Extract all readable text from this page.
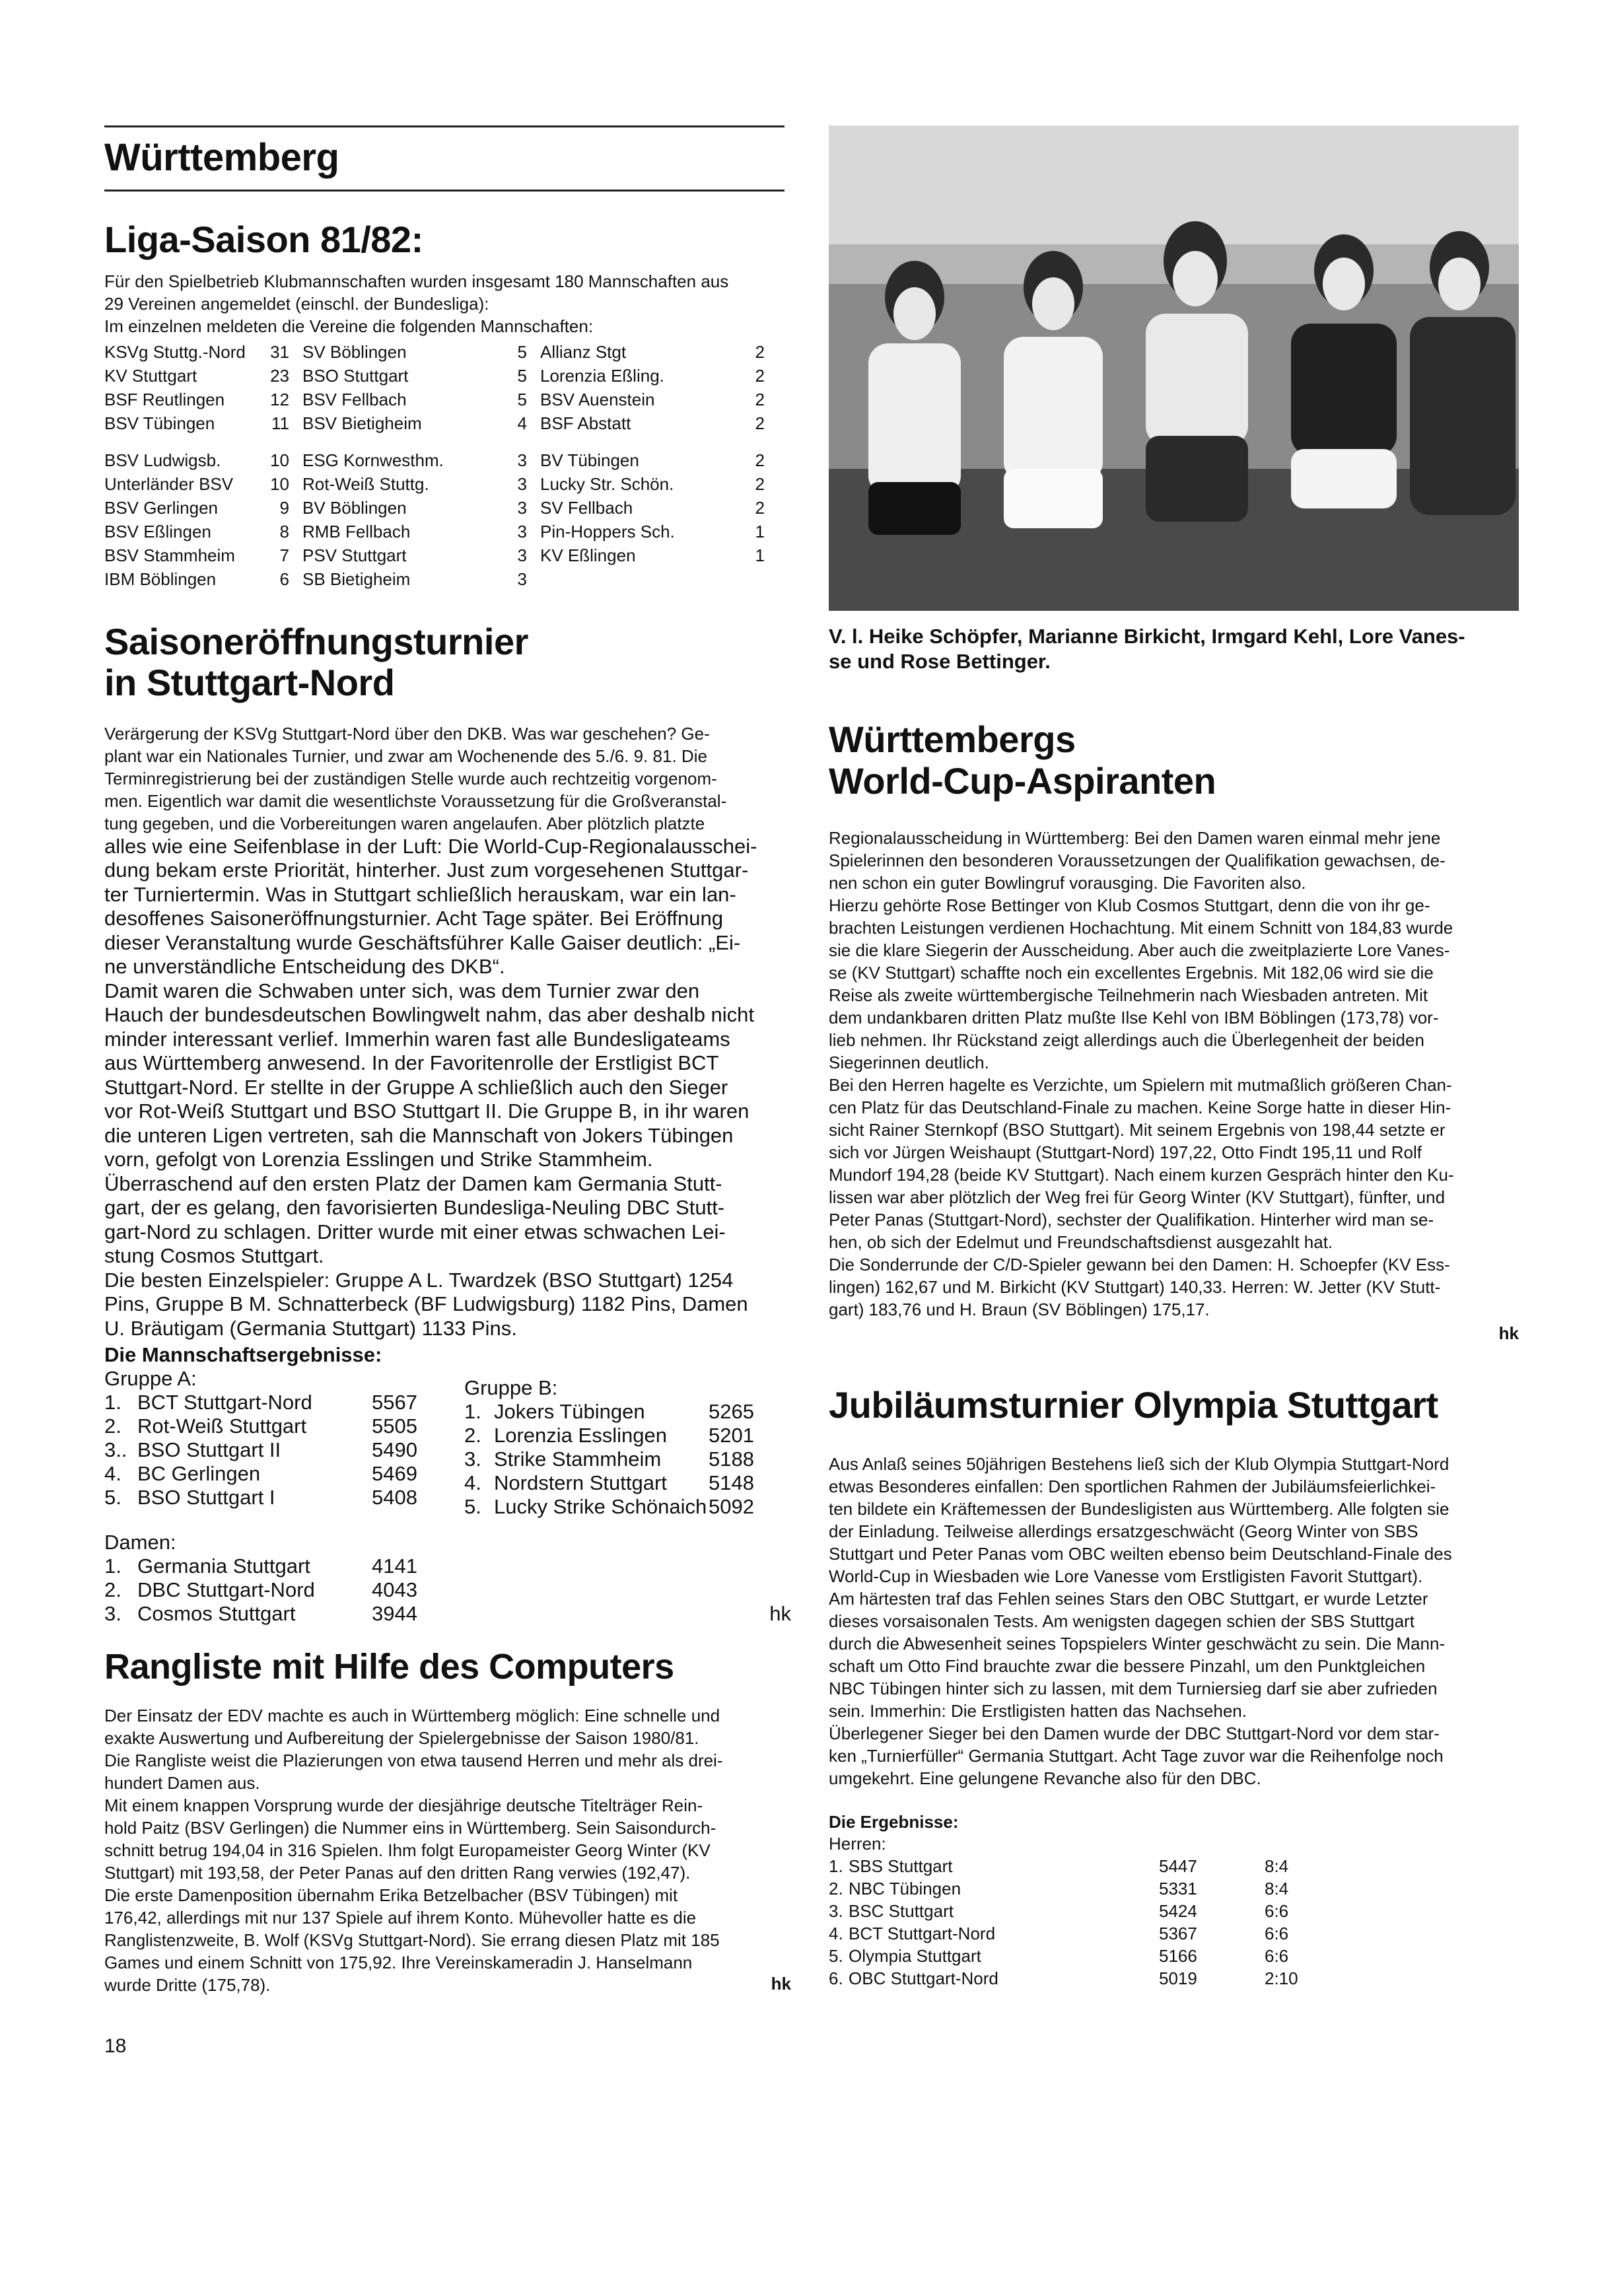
Württemberg
Liga-Saison 81/82:
Für den Spielbetrieb Klubmannschaften wurden insgesamt 180 Mannschaften aus
29 Vereinen angemeldet (einschl. der Bundesliga):
Im einzelnen meldeten die Vereine die folgenden Mannschaften:
KSVg Stuttg.-Nord	31 SV Böblingen	5 Allianz Stgt	2
KV Stuttgart	23 BSO Stuttgart	5 Lorenzia Eßling.	2
BSF Reutlingen	12 BSV Fellbach	5 BSV Auenstein	2
BSV Tübingen	11 BSV Bietigheim	4 BSF Abstatt	2
BSV Ludwigsb.	10 ESG Kornwesthm.	3 BV Tübingen	2
Unterländer BSV	10 Rot-Weiß Stuttg.	3 Lucky Str. Schön.	2
BSV Gerlingen	9 BV Böblingen	3 SV Fellbach	2
BSV Eßlingen	8 RMB Fellbach	3 Pin-Hoppers Sch.	1
BSV Stammheim	7 PSV Stuttgart	3 KV Eßlingen	1
IBM Böblingen	6 SB Bietigheim	3
Saisoneröffnungsturnier
in Stuttgart-Nord
Verärgerung der KSVg Stuttgart-Nord über den DKB. Was war geschehen? Ge-
plant war ein Nationales Turnier, und zwar am Wochenende des 5./6. 9. 81. Die
Terminregistrierung bei der zuständigen Stelle wurde auch rechtzeitig vorgenom-
men. Eigentlich war damit die wesentlichste Voraussetzung für die Großveranstal-
tung gegeben, und die Vorbereitungen waren angelaufen. Aber plötzlich platzte
alles wie eine Seifenblase in der Luft: Die World-Cup-Regionalausschei-
dung bekam erste Priorität, hinterher. Just zum vorgesehenen Stuttgar-
ter Turniertermin. Was in Stuttgart schließlich herauskam, war ein lan-
desoffenes Saisoneröffnungsturnier. Acht Tage später. Bei Eröffnung
dieser Veranstaltung wurde Geschäftsführer Kalle Gaiser deutlich: „Ei-
ne unverständliche Entscheidung des DKB“.
Damit waren die Schwaben unter sich, was dem Turnier zwar den
Hauch der bundesdeutschen Bowlingwelt nahm, das aber deshalb nicht
minder interessant verlief. Immerhin waren fast alle Bundesligateams
aus Württemberg anwesend. In der Favoritenrolle der Erstligist BCT
Stuttgart-Nord. Er stellte in der Gruppe A schließlich auch den Sieger
vor Rot-Weiß Stuttgart und BSO Stuttgart II. Die Gruppe B, in ihr waren
die unteren Ligen vertreten, sah die Mannschaft von Jokers Tübingen
vorn, gefolgt von Lorenzia Esslingen und Strike Stammheim.
Überraschend auf den ersten Platz der Damen kam Germania Stutt-
gart, der es gelang, den favorisierten Bundesliga-Neuling DBC Stutt-
gart-Nord zu schlagen. Dritter wurde mit einer etwas schwachen Lei-
stung Cosmos Stuttgart.
Die besten Einzelspieler: Gruppe A L. Twardzek (BSO Stuttgart) 1254
Pins, Gruppe B M. Schnatterbeck (BF Ludwigsburg) 1182 Pins, Damen
U. Bräutigam (Germania Stuttgart) 1133 Pins.
Die Mannschaftsergebnisse:
Gruppe A:
1. BCT Stuttgart-Nord	5567
2. Rot-Weiß Stuttgart	5505
3.. BSO Stuttgart II	5490
4. BC Gerlingen	5469
5. BSO Stuttgart I	5408
Gruppe B:
1. Jokers Tübingen	5265
2. Lorenzia Esslingen	5201
3. Strike Stammheim	5188
4. Nordstern Stuttgart	5148
5. Lucky Strike Schönaich 5092
Damen:
1. Germania Stuttgart	4141
2. DBC Stuttgart-Nord	4043
3. Cosmos Stuttgart	3944	hk
Rangliste mit Hilfe des Computers
Der Einsatz der EDV machte es auch in Württemberg möglich: Eine schnelle und
exakte Auswertung und Aufbereitung der Spielergebnisse der Saison 1980/81.
Die Rangliste weist die Plazierungen von etwa tausend Herren und mehr als drei-
hundert Damen aus.
Mit einem knappen Vorsprung wurde der diesjährige deutsche Titelträger Rein-
hold Paitz (BSV Gerlingen) die Nummer eins in Württemberg. Sein Saisondurch-
schnitt betrug 194,04 in 316 Spielen. Ihm folgt Europameister Georg Winter (KV
Stuttgart) mit 193,58, der Peter Panas auf den dritten Rang verwies (192,47).
Die erste Damenposition übernahm Erika Betzelbacher (BSV Tübingen) mit
176,42, allerdings mit nur 137 Spiele auf ihrem Konto. Mühevoller hatte es die
Ranglistenzweite, B. Wolf (KSVg Stuttgart-Nord). Sie errang diesen Platz mit 185
Games und einem Schnitt von 175,92. Ihre Vereinskameradin J. Hanselmann
wurde Dritte (175,78).	hk
18
V. l. Heike Schöpfer, Marianne Birkicht, Irmgard Kehl, Lore Vanes-
se und Rose Bettinger.
Württembergs
World-Cup-Aspiranten
Regionalausscheidung in Württemberg: Bei den Damen waren einmal mehr jene
Spielerinnen den besonderen Voraussetzungen der Qualifikation gewachsen, de-
nen schon ein guter Bowlingruf vorausging. Die Favoriten also.
Hierzu gehörte Rose Bettinger von Klub Cosmos Stuttgart, denn die von ihr ge-
brachten Leistungen verdienen Hochachtung. Mit einem Schnitt von 184,83 wurde
sie die klare Siegerin der Ausscheidung. Aber auch die zweitplazierte Lore Vanes-
se (KV Stuttgart) schaffte noch ein excellentes Ergebnis. Mit 182,06 wird sie die
Reise als zweite württembergische Teilnehmerin nach Wiesbaden antreten. Mit
dem undankbaren dritten Platz mußte Ilse Kehl von IBM Böblingen (173,78) vor-
lieb nehmen. Ihr Rückstand zeigt allerdings auch die Überlegenheit der beiden
Siegerinnen deutlich.
Bei den Herren hagelte es Verzichte, um Spielern mit mutmaßlich größeren Chan-
cen Platz für das Deutschland-Finale zu machen. Keine Sorge hatte in dieser Hin-
sicht Rainer Sternkopf (BSO Stuttgart). Mit seinem Ergebnis von 198,44 setzte er
sich vor Jürgen Weishaupt (Stuttgart-Nord) 197,22, Otto Findt 195,11 und Rolf
Mundorf 194,28 (beide KV Stuttgart). Nach einem kurzen Gespräch hinter den Ku-
lissen war aber plötzlich der Weg frei für Georg Winter (KV Stuttgart), fünfter, und
Peter Panas (Stuttgart-Nord), sechster der Qualifikation. Hinterher wird man se-
hen, ob sich der Edelmut und Freundschaftsdienst ausgezahlt hat.
Die Sonderrunde der C/D-Spieler gewann bei den Damen: H. Schoepfer (KV Ess-
lingen) 162,67 und M. Birkicht (KV Stuttgart) 140,33. Herren: W. Jetter (KV Stutt-
gart) 183,76 und H. Braun (SV Böblingen) 175,17.
hk
Jubiläumsturnier Olympia Stuttgart
Aus Anlaß seines 50jährigen Bestehens ließ sich der Klub Olympia Stuttgart-Nord
etwas Besonderes einfallen: Den sportlichen Rahmen der Jubiläumsfeierlichkei-
ten bildete ein Kräftemessen der Bundesligisten aus Württemberg. Alle folgten sie
der Einladung. Teilweise allerdings ersatzgeschwächt (Georg Winter von SBS
Stuttgart und Peter Panas vom OBC weilten ebenso beim Deutschland-Finale des
World-Cup in Wiesbaden wie Lore Vanesse vom Erstligisten Favorit Stuttgart).
Am härtesten traf das Fehlen seines Stars den OBC Stuttgart, er wurde Letzter
dieses vorsaisonalen Tests. Am wenigsten dagegen schien der SBS Stuttgart
durch die Abwesenheit seines Topspielers Winter geschwächt zu sein. Die Mann-
schaft um Otto Find brauchte zwar die bessere Pinzahl, um den Punktgleichen
NBC Tübingen hinter sich zu lassen, mit dem Turniersieg darf sie aber zufrieden
sein. Immerhin: Die Erstligisten hatten das Nachsehen.
Überlegener Sieger bei den Damen wurde der DBC Stuttgart-Nord vor dem star-
ken „Turnierfüller“ Germania Stuttgart. Acht Tage zuvor war die Reihenfolge noch
umgekehrt. Eine gelungene Revanche also für den DBC.
Die Ergebnisse:
Herren:
1. SBS Stuttgart	5447	8:4
2. NBC Tübingen	5331	8:4
3. BSC Stuttgart	5424	6:6
4. BCT Stuttgart-Nord	5367	6:6
5. Olympia Stuttgart	5166	6:6
6. OBC Stuttgart-Nord	5019	2:10
